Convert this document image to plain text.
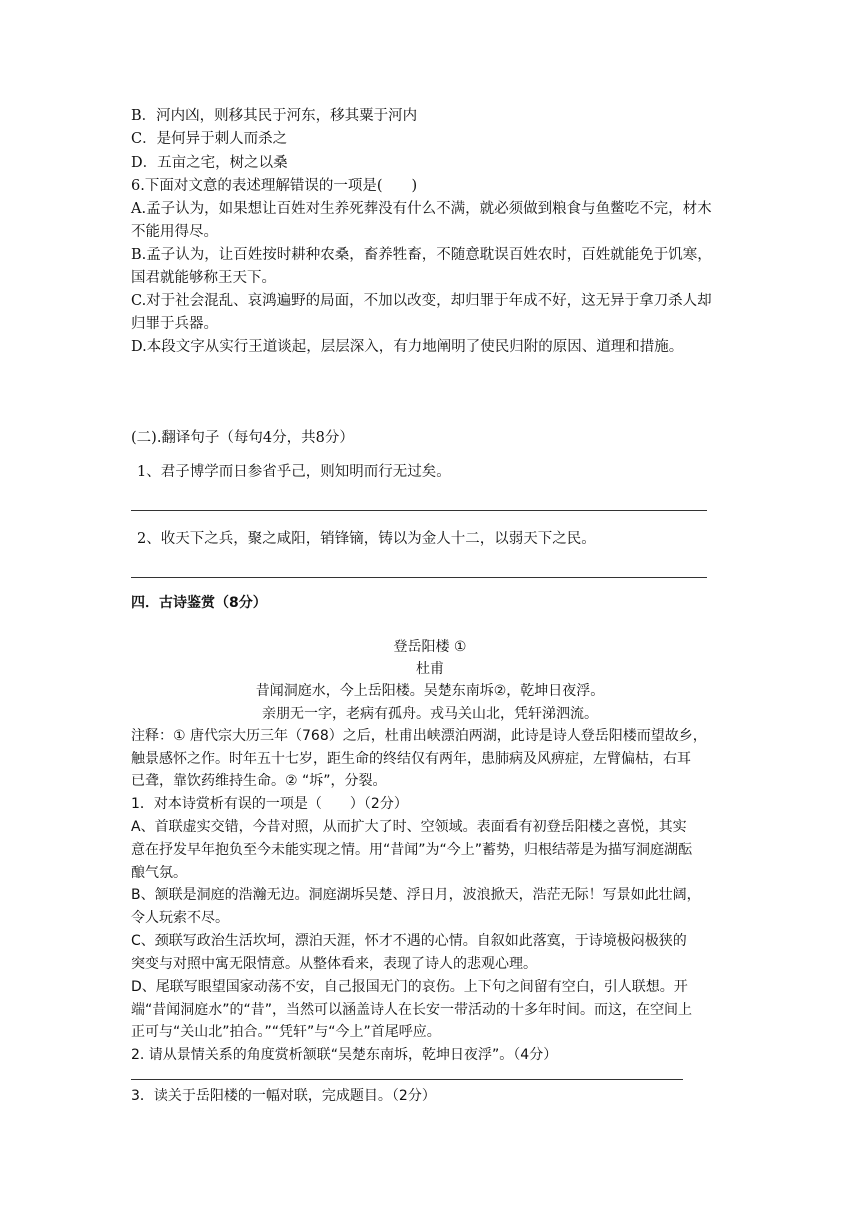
B．河内凶，则移其民于河东，移其粟于河内
C．是何异于刺人而杀之
D．五亩之宅，树之以桑
6.下面对文意的表述理解错误的一项是(　　)
A.孟子认为，如果想让百姓对生养死葬没有什么不满，就必须做到粮食与鱼鳖吃不完，材木
不能用得尽。
B.孟子认为，让百姓按时耕种农桑，畜养牲畜，不随意耽误百姓农时，百姓就能免于饥寒，
国君就能够称王天下。
C.对于社会混乱、哀鸿遍野的局面，不加以改变，却归罪于年成不好，这无异于拿刀杀人却
归罪于兵器。
D.本段文字从实行王道谈起，层层深入，有力地阐明了使民归附的原因、道理和措施。
(二).翻译句子（每句4分，共8分）
1、君子博学而日参省乎己，则知明而行无过矣。
2、收天下之兵，聚之咸阳，销锋镝，铸以为金人十二，以弱天下之民。
四．古诗鉴赏（8分）
登岳阳楼 ①
杜甫
昔闻洞庭水，今上岳阳楼。吴楚东南坼②，乾坤日夜浮。
亲朋无一字，老病有孤舟。戎马关山北，凭轩涕泗流。
注释：① 唐代宗大历三年（768）之后，杜甫出峡漂泊两湖，此诗是诗人登岳阳楼而望故乡，
触景感怀之作。时年五十七岁，距生命的终结仅有两年，患肺病及风痹症，左臂偏枯，右耳
已聋，靠饮药维持生命。② “坼”，分裂。
1．对本诗赏析有误的一项是（　　）（2分）
A、首联虚实交错，今昔对照，从而扩大了时、空领域。表面看有初登岳阳楼之喜悦，其实
意在抒发早年抱负至今未能实现之情。用“昔闻”为“今上”蓄势，归根结蒂是为描写洞庭湖酝
酿气氛。
B、颔联是洞庭的浩瀚无边。洞庭湖坼吴楚、浮日月，波浪掀天，浩茫无际！写景如此壮阔，
令人玩索不尽。
C、颈联写政治生活坎坷，漂泊天涯，怀才不遇的心情。自叙如此落寞，于诗境极闷极狭的
突变与对照中寓无限情意。从整体看来，表现了诗人的悲观心理。
D、尾联写眼望国家动荡不安，自己报国无门的哀伤。上下句之间留有空白，引人联想。开
端“昔闻洞庭水”的“昔”，当然可以涵盖诗人在长安一带活动的十多年时间。而这，在空间上
正可与“关山北”拍合。”“凭轩”与“今上”首尾呼应。
2. 请从景情关系的角度赏析颔联“吴楚东南坼，乾坤日夜浮”。（4分）
3．读关于岳阳楼的一幅对联，完成题目。（2分）
